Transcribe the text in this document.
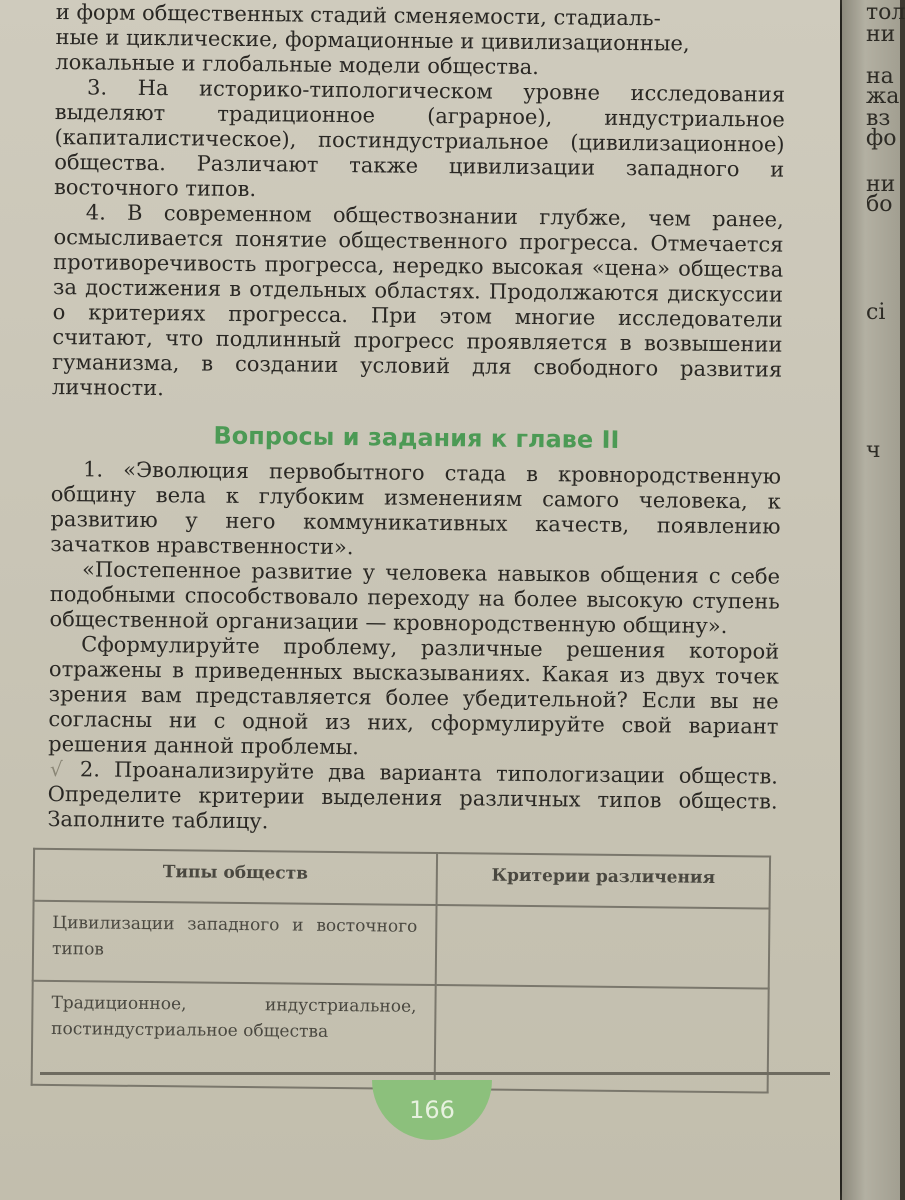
и форм общественных стадий сменяемости, стадиаль-

ные и циклические, формационные и цивилизационные,

локальные и глобальные модели общества.

3. На историко-типологическом уровне исследования выделяют традиционное (аграрное), индустриальное (капиталистическое), постиндустриальное (цивилизационное) общества. Различают также цивилизации западного и восточного типов.

4. В современном обществознании глубже, чем ранее, осмысливается понятие общественного прогресса. Отмечается противоречивость прогресса, нередко высокая «цена» общества за достижения в отдельных областях. Продолжаются дискуссии о критериях прогресса. При этом многие исследователи считают, что подлинный прогресс проявляется в возвышении гуманизма, в создании условий для свободного развития личности.

Вопросы и задания к главе II

1. «Эволюция первобытного стада в кровнородственную общину вела к глубоким изменениям самого человека, к развитию у него коммуникативных качеств, появлению зачатков нравственности».

«Постепенное развитие у человека навыков общения с себе подобными способствовало переходу на более высокую ступень общественной организации — кровнородственную общину».

Сформулируйте проблему, различные решения которой отражены в приведенных высказываниях. Какая из двух точек зрения вам представляется более убедительной? Если вы не согласны ни с одной из них, сформулируйте свой вариант решения данной проблемы.

√ 2. Проанализируйте два варианта типологизации обществ. Определите критерии выделения различных типов обществ. Заполните таблицу.

Типы обществ	Критерии различения
Цивилизации западного и восточного типов	
Традиционное, индустриальное, постиндустриальное общества	
166
тол
ни
на
жа
вз
фо
ни
бо
сі
ч
